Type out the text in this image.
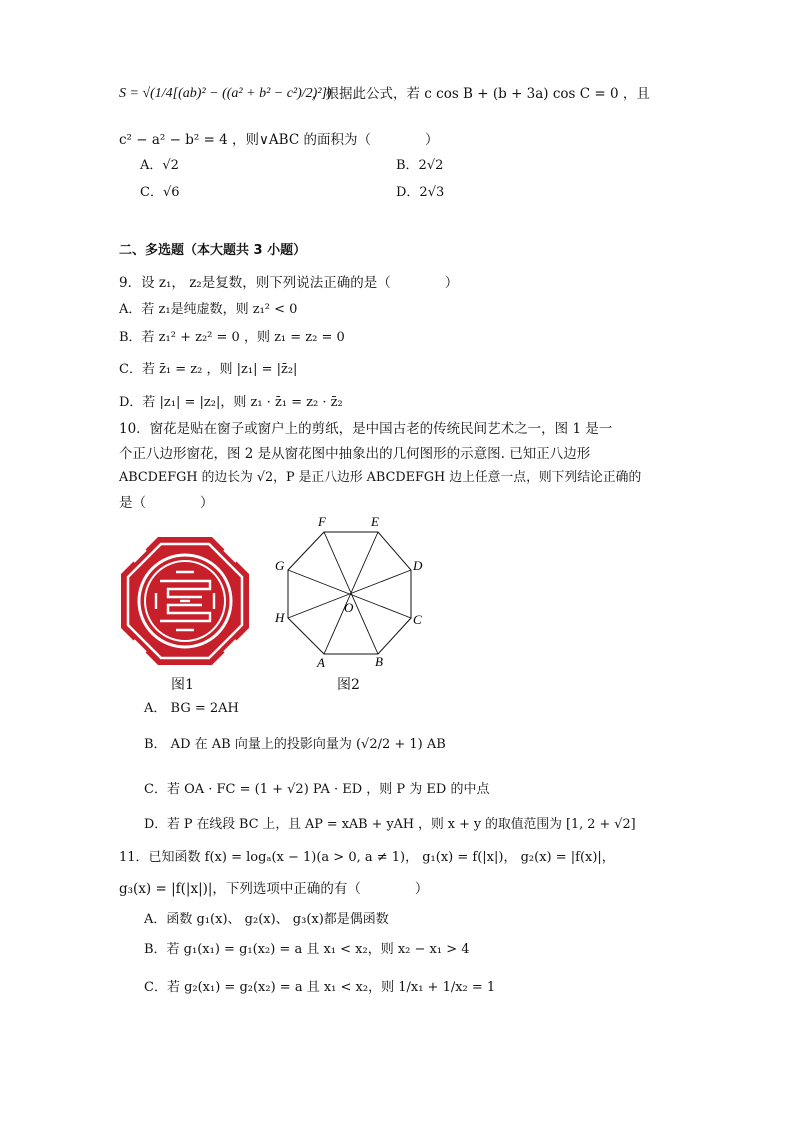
S = √(1/4[(ab)² − ((a² + b² − c²)/2)²])
，根据此公式，若 c cos B + (b + 3a) cos C = 0 ，且
c² − a² − b² = 4 ，则∨ABC 的面积为（　　　　）
A．√2	B．2√2
C．√6	D．2√3
二、多选题（本大题共 3 小题）
9．设 z₁， z₂是复数，则下列说法正确的是（　　　　）
A．若 z₁是纯虚数，则 z₁² < 0
B．若 z₁² + z₂² = 0 ，则 z₁ = z₂ = 0
C．若 z̄₁ = z₂ ，则 |z₁| = |z̄₂|
D．若 |z₁| = |z₂|，则 z₁ · z̄₁ = z₂ · z̄₂
10．窗花是贴在窗子或窗户上的剪纸，是中国古老的传统民间艺术之一，图 1 是一
个正八边形窗花，图 2 是从窗花图中抽象出的几何图形的示意图. 已知正八边形
ABCDEFGH 的边长为 √2，P 是正八边形 ABCDEFGH 边上任意一点，则下列结论正确的
是（　　　　）
图1
A	B
C
D
E
F
G
H
O
图2
A． BG = 2AH
B． AD 在 AB 向量上的投影向量为 (√2/2 + 1) AB
C．若 OA · FC = (1 + √2) PA · ED ，则 P 为 ED 的中点
D．若 P 在线段 BC 上，且 AP = xAB + yAH ，则 x + y 的取值范围为 [1, 2 + √2]
11．已知函数 f(x) = logₐ(x − 1)(a > 0, a ≠ 1)， g₁(x) = f(|x|)， g₂(x) = |f(x)|，
g₃(x) = |f(|x|)|，下列选项中正确的有（　　　　）
A．函数 g₁(x)、 g₂(x)、 g₃(x)都是偶函数
B．若 g₁(x₁) = g₁(x₂) = a 且 x₁ < x₂，则 x₂ − x₁ > 4
C．若 g₂(x₁) = g₂(x₂) = a 且 x₁ < x₂，则 1/x₁ + 1/x₂ = 1
